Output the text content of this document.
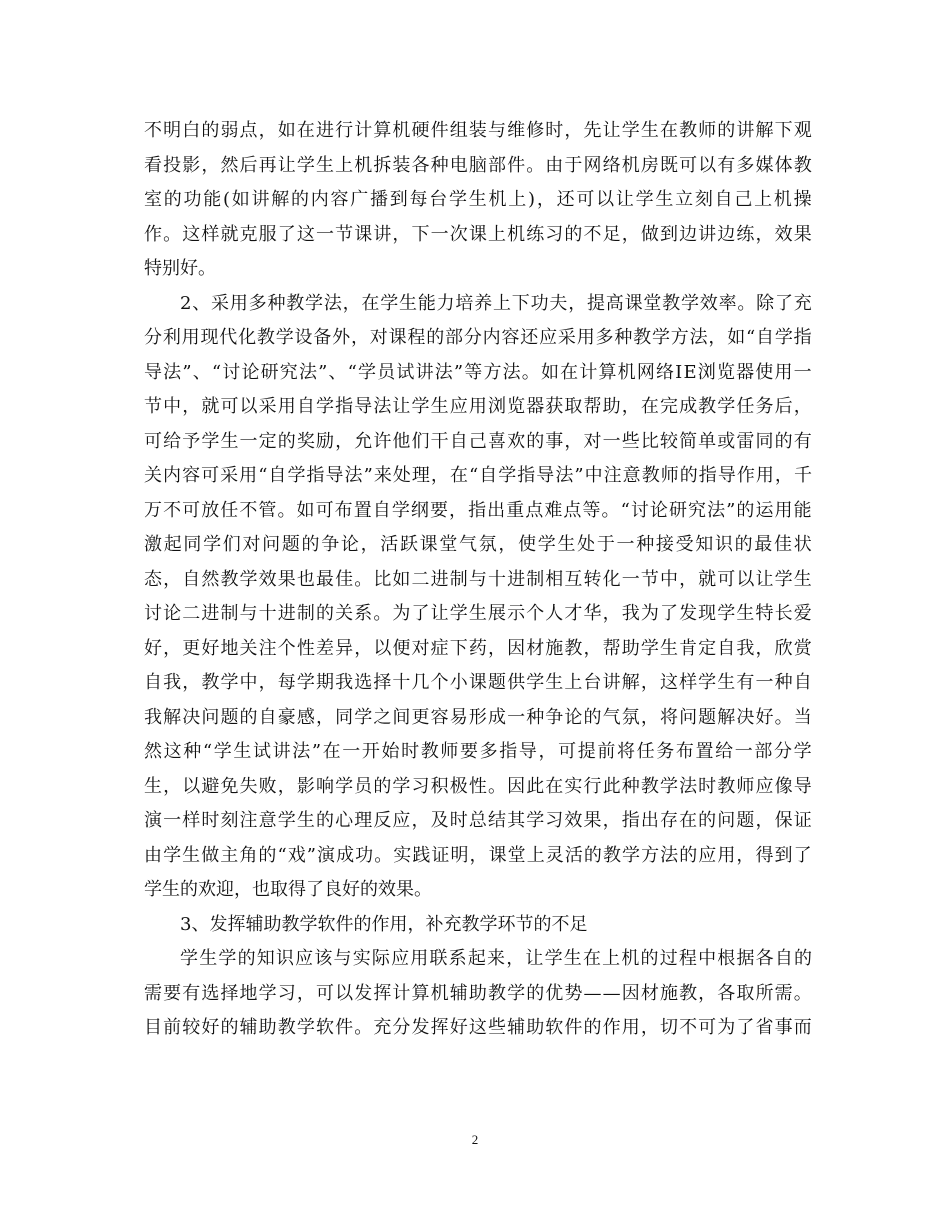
不 明 白 的 弱 点 ， 如 在 进 行 计 算 机 硬 件 组 装 与 维 修 时 ， 先 让 学 生 在 教 师 的 讲 解 下 观
看 投 影 ， 然 后 再 让 学 生 上 机 拆 装 各 种 电 脑 部 件 。 由 于 网 络 机 房 既 可 以 有 多 媒 体 教
室 的 功 能 ( 如 讲 解 的 内 容 广 播 到 每 台 学 生 机 上 ) ， 还 可 以 让 学 生 立 刻 自 己 上 机 操
作 。 这 样 就 克 服 了 这 一 节 课 讲 ， 下 一 次 课 上 机 练 习 的 不 足 ， 做 到 边 讲 边 练 ， 效 果
特别好。
2 、 采 用 多 种 教 学 法 ， 在 学 生 能 力 培 养 上 下 功 夫 ， 提 高 课 堂 教 学 效 率 。 除 了 充
分 利 用 现 代 化 教 学 设 备 外 ， 对 课 程 的 部 分 内 容 还 应 采 用 多 种 教 学 方 法 ， 如 “ 自 学 指
导 法 ” 、 “ 讨 论 研 究 法 ” 、 “ 学 员 试 讲 法 ” 等 方 法 。 如 在 计 算 机 网 络 I E 浏 览 器 使 用 一
节 中 ， 就 可 以 采 用 自 学 指 导 法 让 学 生 应 用 浏 览 器 获 取 帮 助 ， 在 完 成 教 学 任 务 后 ，
可 给 予 学 生 一 定 的 奖 励 ， 允 许 他 们 干 自 己 喜 欢 的 事 ， 对 一 些 比 较 简 单 或 雷 同 的 有
关 内 容 可 采 用 “ 自 学 指 导 法 ” 来 处 理 ， 在 “ 自 学 指 导 法 ” 中 注 意 教 师 的 指 导 作 用 ， 千
万 不 可 放 任 不 管 。 如 可 布 置 自 学 纲 要 ， 指 出 重 点 难 点 等 。 “ 讨 论 研 究 法 ” 的 运 用 能
激 起 同 学 们 对 问 题 的 争 论 ， 活 跃 课 堂 气 氛 ， 使 学 生 处 于 一 种 接 受 知 识 的 最 佳 状
态 ， 自 然 教 学 效 果 也 最 佳 。 比 如 二 进 制 与 十 进 制 相 互 转 化 一 节 中 ， 就 可 以 让 学 生
讨 论 二 进 制 与 十 进 制 的 关 系 。 为 了 让 学 生 展 示 个 人 才 华 ， 我 为 了 发 现 学 生 特 长 爱
好 ， 更 好 地 关 注 个 性 差 异 ， 以 便 对 症 下 药 ， 因 材 施 教 ， 帮 助 学 生 肯 定 自 我 ， 欣 赏
自 我 ， 教 学 中 ， 每 学 期 我 选 择 十 几 个 小 课 题 供 学 生 上 台 讲 解 ， 这 样 学 生 有 一 种 自
我 解 决 问 题 的 自 豪 感 ， 同 学 之 间 更 容 易 形 成 一 种 争 论 的 气 氛 ， 将 问 题 解 决 好 。 当
然 这 种 “ 学 生 试 讲 法 ” 在 一 开 始 时 教 师 要 多 指 导 ， 可 提 前 将 任 务 布 置 给 一 部 分 学
生 ， 以 避 免 失 败 ， 影 响 学 员 的 学 习 积 极 性 。 因 此 在 实 行 此 种 教 学 法 时 教 师 应 像 导
演 一 样 时 刻 注 意 学 生 的 心 理 反 应 ， 及 时 总 结 其 学 习 效 果 ， 指 出 存 在 的 问 题 ， 保 证
由 学 生 做 主 角 的 “ 戏 ” 演 成 功 。 实 践 证 明 ， 课 堂 上 灵 活 的 教 学 方 法 的 应 用 ， 得 到 了
学生的欢迎，也取得了良好的效果。
3、发挥辅助教学软件的作用，补充教学环节的不足
学 生 学 的 知 识 应 该 与 实 际 应 用 联 系 起 来 ， 让 学 生 在 上 机 的 过 程 中 根 据 各 自 的
需 要 有 选 择 地 学 习 ， 可 以 发 挥 计 算 机 辅 助 教 学 的 优 势 — — 因 材 施 教 ， 各 取 所 需 。
目 前 较 好 的 辅 助 教 学 软 件 。 充 分 发 挥 好 这 些 辅 助 软 件 的 作 用 ， 切 不 可 为 了 省 事 而
2
